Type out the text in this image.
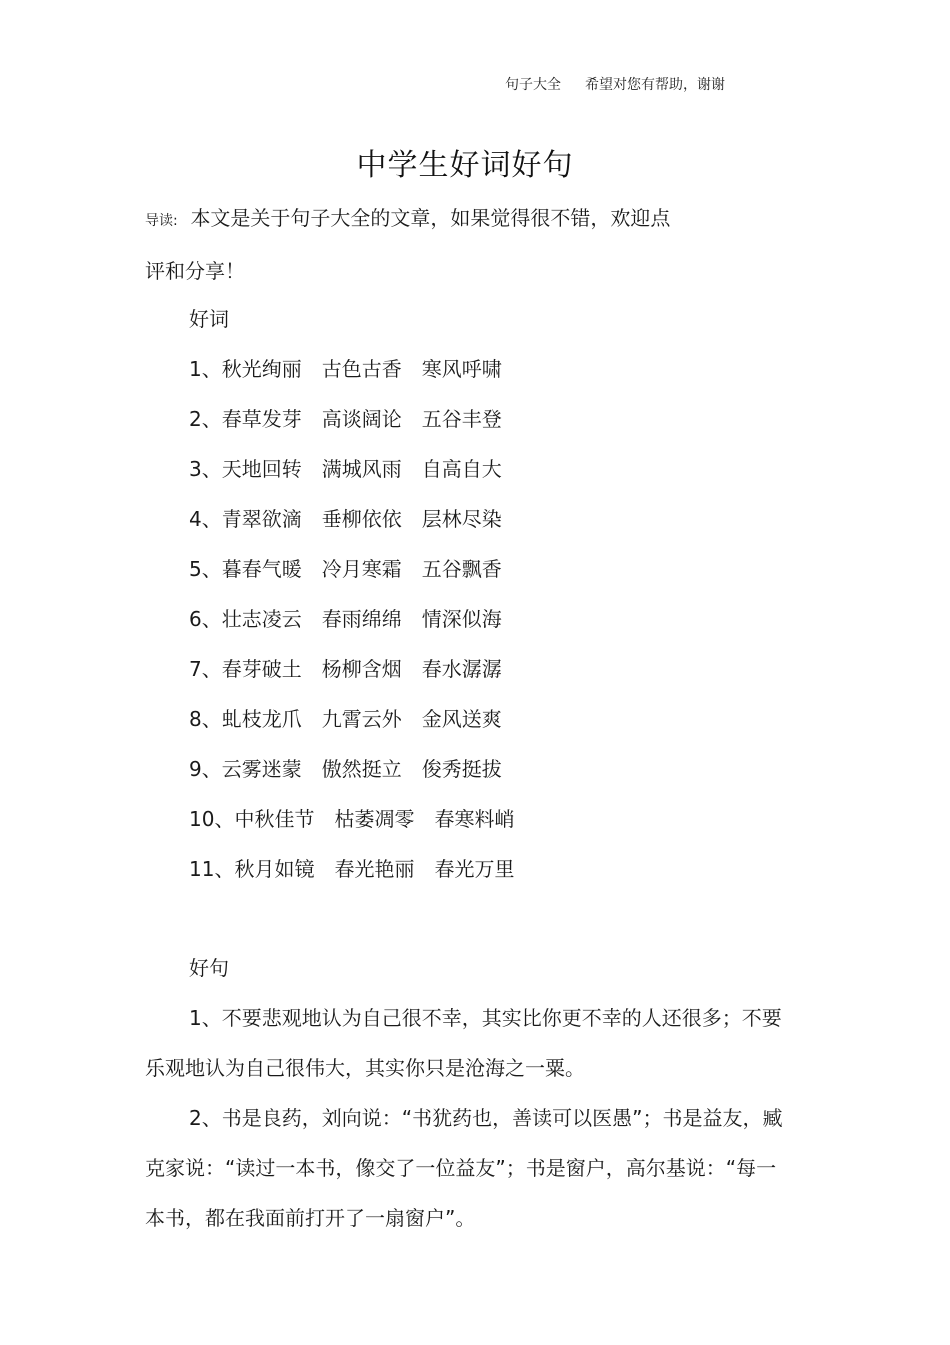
句子大全 希望对您有帮助，谢谢
中学生好词好句
导读: 本文是关于句子大全的文章，如果觉得很不错，欢迎点
评和分享！
好词
1、秋光绚丽 古色古香 寒风呼啸
2、春草发芽 高谈阔论 五谷丰登
3、天地回转 满城风雨 自高自大
4、青翠欲滴 垂柳依依 层林尽染
5、暮春气暖 冷月寒霜 五谷飘香
6、壮志凌云 春雨绵绵 情深似海
7、春芽破土 杨柳含烟 春水潺潺
8、虬枝龙爪 九霄云外 金风送爽
9、云雾迷蒙 傲然挺立 俊秀挺拔
10、中秋佳节 枯萎凋零 春寒料峭
11、秋月如镜 春光艳丽 春光万里
好句
1、不要悲观地认为自己很不幸，其实比你更不幸的人还很多；不要乐观地认为自己很伟大，其实你只是沧海之一粟。
2、书是良药，刘向说：“书犹药也，善读可以医愚”；书是益友，臧克家说：“读过一本书，像交了一位益友”；书是窗户，高尔基说：“每一本书，都在我面前打开了一扇窗户”。
